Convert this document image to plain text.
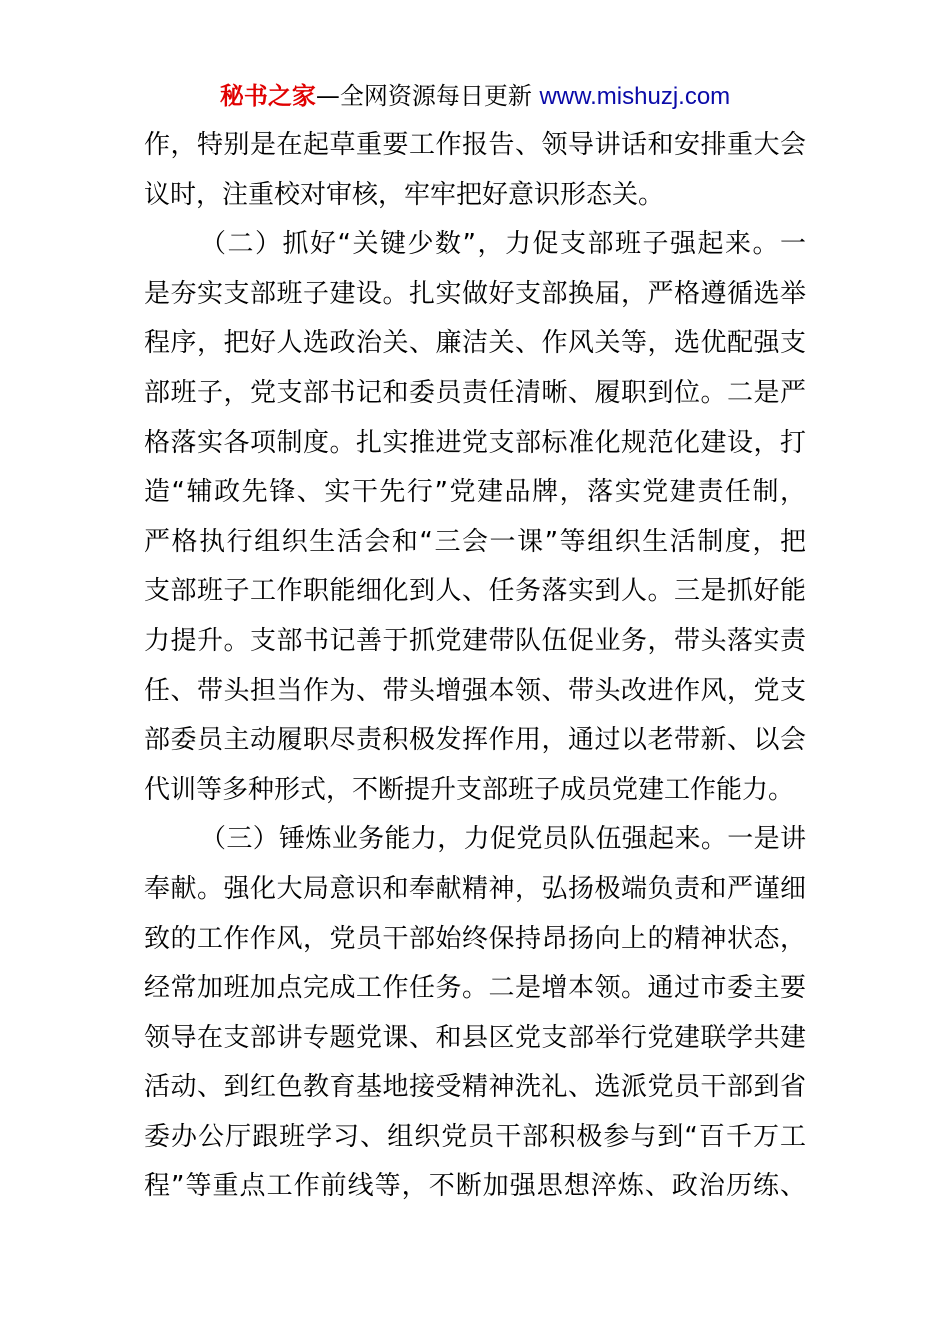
秘书之家—全网资源每日更新 www.mishuzj.com
作，特别是在起草重要工作报告、领导讲话和安排重大会
议时，注重校对审核，牢牢把好意识形态关。
（二）抓好“关键少数”，力促支部班子强起来。一
是夯实支部班子建设。扎实做好支部换届，严格遵循选举
程序，把好人选政治关、廉洁关、作风关等，选优配强支
部班子，党支部书记和委员责任清晰、履职到位。二是严
格落实各项制度。扎实推进党支部标准化规范化建设，打
造“辅政先锋、实干先行”党建品牌，落实党建责任制，
严格执行组织生活会和“三会一课”等组织生活制度，把
支部班子工作职能细化到人、任务落实到人。三是抓好能
力提升。支部书记善于抓党建带队伍促业务，带头落实责
任、带头担当作为、带头增强本领、带头改进作风，党支
部委员主动履职尽责积极发挥作用，通过以老带新、以会
代训等多种形式，不断提升支部班子成员党建工作能力。
（三）锤炼业务能力，力促党员队伍强起来。一是讲
奉献。强化大局意识和奉献精神，弘扬极端负责和严谨细
致的工作作风，党员干部始终保持昂扬向上的精神状态，
经常加班加点完成工作任务。二是增本领。通过市委主要
领导在支部讲专题党课、和县区党支部举行党建联学共建
活动、到红色教育基地接受精神洗礼、选派党员干部到省
委办公厅跟班学习、组织党员干部积极参与到“百千万工
程”等重点工作前线等，不断加强思想淬炼、政治历练、
